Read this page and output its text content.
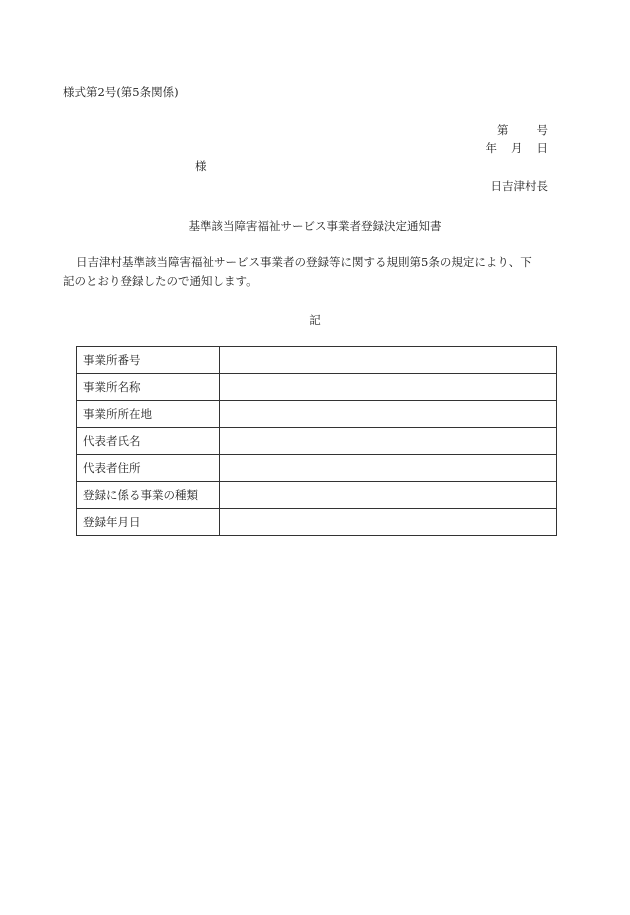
様式第2号(第5条関係)
第 号
年 月 日
様
日吉津村長
基準該当障害福祉サービス事業者登録決定通知書
日吉津村基準該当障害福祉サービス事業者の登録等に関する規則第5条の規定により、下
記のとおり登録したので通知します。
記
事業所番号	
事業所名称	
事業所所在地	
代表者氏名	
代表者住所	
登録に係る事業の種類	
登録年月日	
